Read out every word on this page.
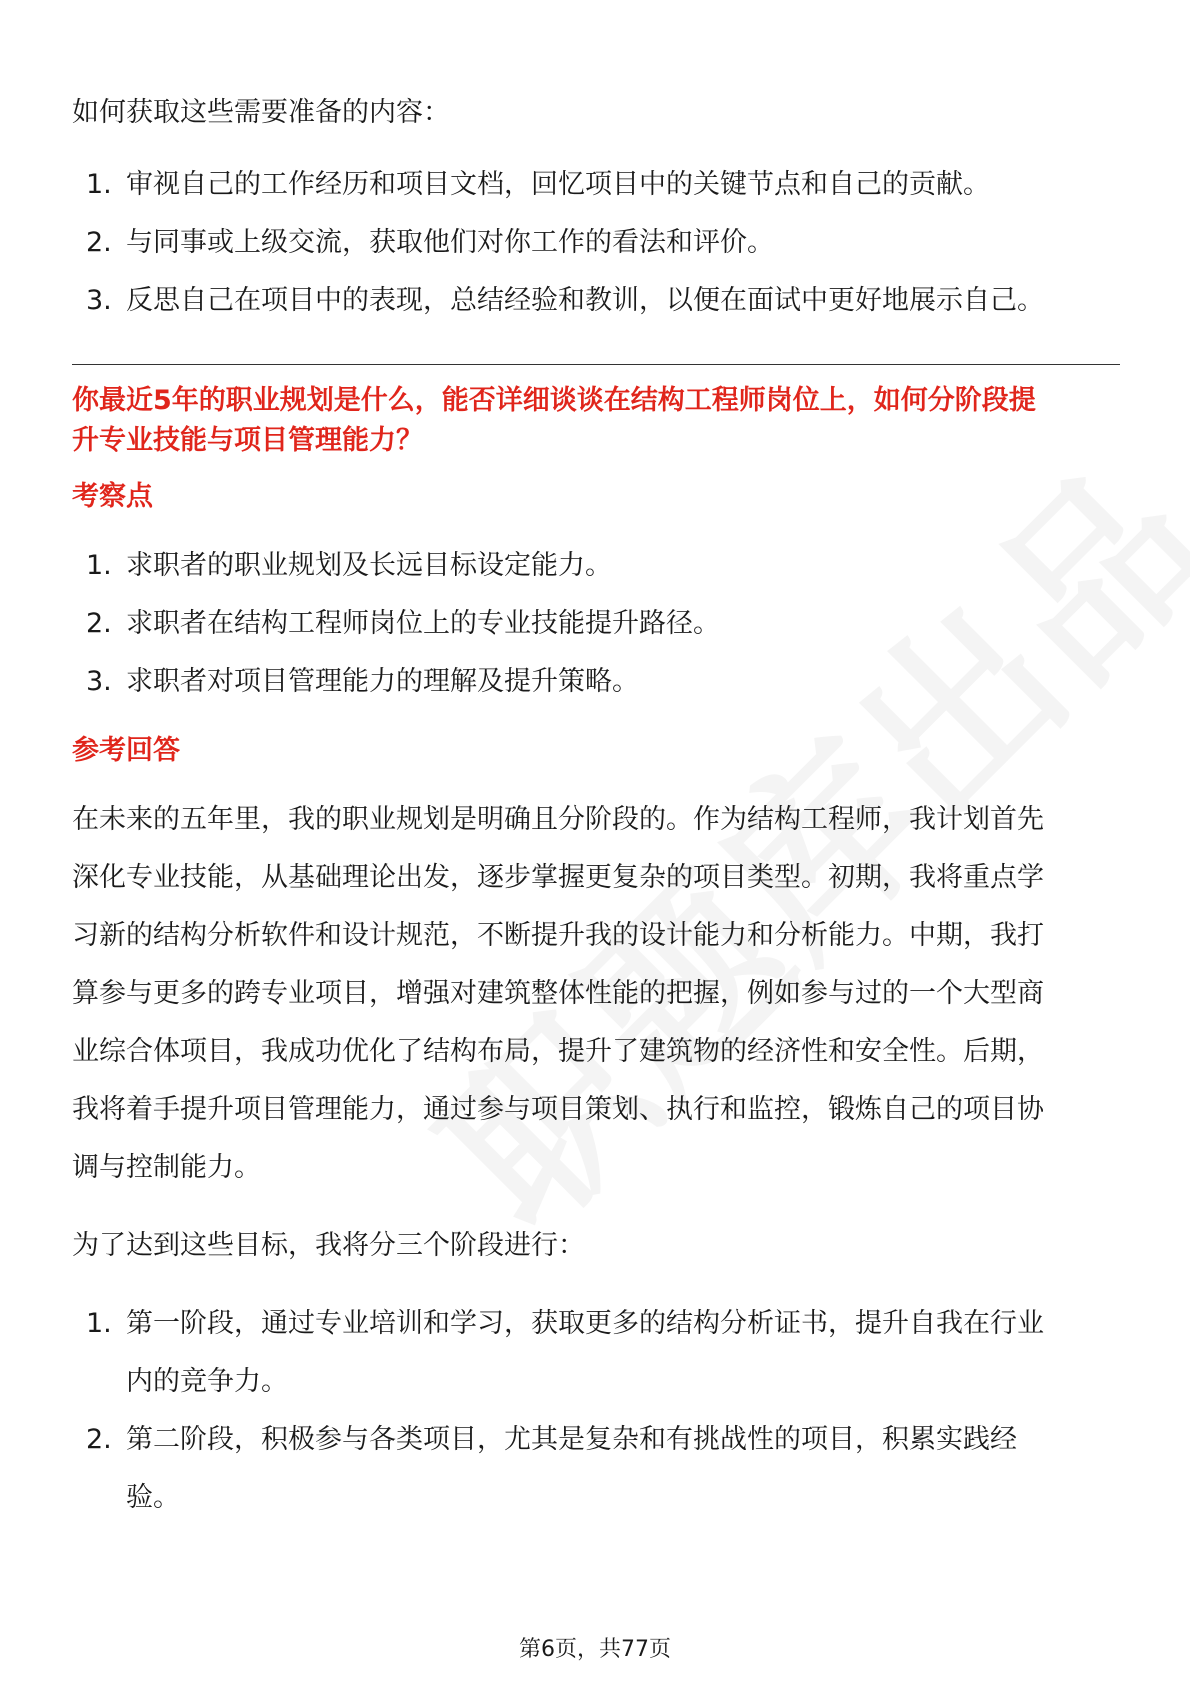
如何获取这些需要准备的内容：

1. 审视自己的工作经历和项目文档，回忆项目中的关键节点和自己的贡献。
2. 与同事或上级交流，获取他们对你工作的看法和评价。
3. 反思自己在项目中的表现，总结经验和教训，以便在面试中更好地展示自己。

你最近5年的职业规划是什么，能否详细谈谈在结构工程师岗位上，如何分阶段提

升专业技能与项目管理能力？

考察点

1. 求职者的职业规划及长远目标设定能力。
2. 求职者在结构工程师岗位上的专业技能提升路径。
3. 求职者对项目管理能力的理解及提升策略。

参考回答

在未来的五年里，我的职业规划是明确且分阶段的。作为结构工程师，我计划首先

深化专业技能，从基础理论出发，逐步掌握更复杂的项目类型。初期，我将重点学

习新的结构分析软件和设计规范，不断提升我的设计能力和分析能力。中期，我打

算参与更多的跨专业项目，增强对建筑整体性能的把握，例如参与过的一个大型商

业综合体项目，我成功优化了结构布局，提升了建筑物的经济性和安全性。后期，

我将着手提升项目管理能力，通过参与项目策划、执行和监控，锻炼自己的项目协

调与控制能力。

为了达到这些目标，我将分三个阶段进行：

1. 第一阶段，通过专业培训和学习，获取更多的结构分析证书，提升自我在行业
内的竞争力。
2. 第二阶段，积极参与各类项目，尤其是复杂和有挑战性的项目，积累实践经
验。
第6页，共77页
